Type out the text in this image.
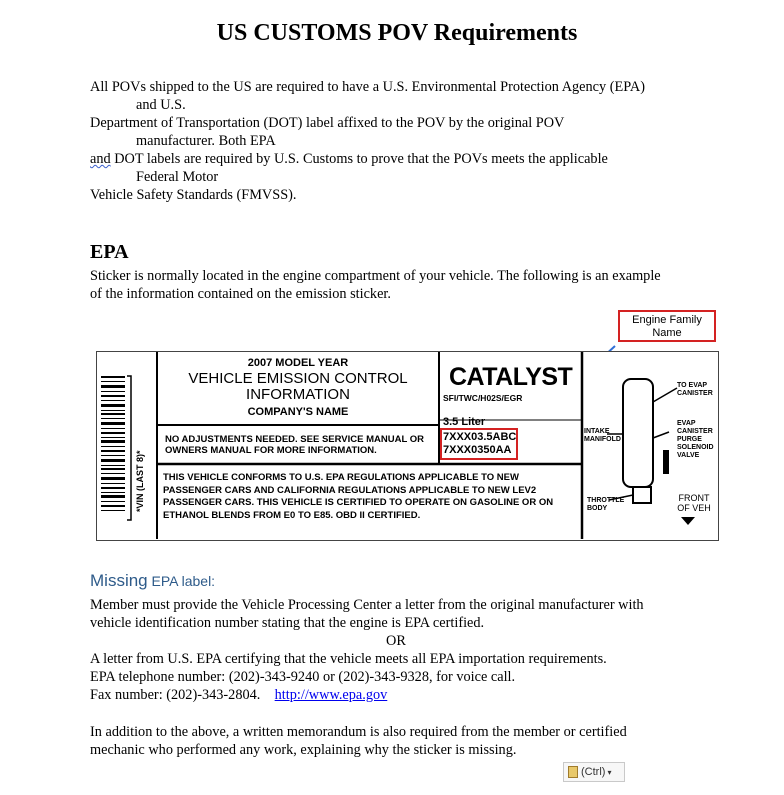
US CUSTOMS POV Requirements
All POVs shipped to the US are required to have a U.S. Environmental Protection Agency (EPA)
and U.S.
Department of Transportation (DOT) label affixed to the POV by the original POV
manufacturer. Both EPA
and DOT labels are required by U.S. Customs to prove that the POVs meets the applicable
Federal Motor
Vehicle Safety Standards (FMVSS).
EPA
Sticker is normally located in the engine compartment of your vehicle. The following is an example
of the information contained on the emission sticker.
Engine Family
Name
*VIN (LAST 8)*
2007 MODEL YEAR
VEHICLE EMISSION CONTROL
INFORMATION
COMPANY'S NAME
CATALYST
SFI/TWC/H02S/EGR
3.5 Liter
7XXX03.5ABC
7XXX0350AA
NO ADJUSTMENTS NEEDED. SEE SERVICE MANUAL OR
OWNERS MANUAL FOR MORE INFORMATION.
THIS VEHICLE CONFORMS TO U.S. EPA REGULATIONS APPLICABLE TO NEW
PASSENGER CARS AND CALIFORNIA REGULATIONS APPLICABLE TO NEW LEV2
PASSENGER CARS. THIS VEHICLE IS CERTIFIED TO OPERATE ON GASOLINE OR ON
ETHANOL BLENDS FROM E0 TO E85. OBD II CERTIFIED.
TO EVAP
CANISTER
INTAKE
MANIFOLD
EVAP
CANISTER
PURGE
SOLENOID
VALVE
THROTTLE
BODY
FRONT
OF VEH
Missing EPA label:
Member must provide the Vehicle Processing Center a letter from the original manufacturer with
vehicle identification number stating that the engine is EPA certified.
OR
A letter from U.S. EPA certifying that the vehicle meets all EPA importation requirements.
EPA telephone number: (202)-343-9240 or (202)-343-9328, for voice call.
Fax number: (202)-343-2804. http://www.epa.gov
In addition to the above, a written memorandum is also required from the member or certified
mechanic who performed any work, explaining why the sticker is missing.
(Ctrl) ▾
